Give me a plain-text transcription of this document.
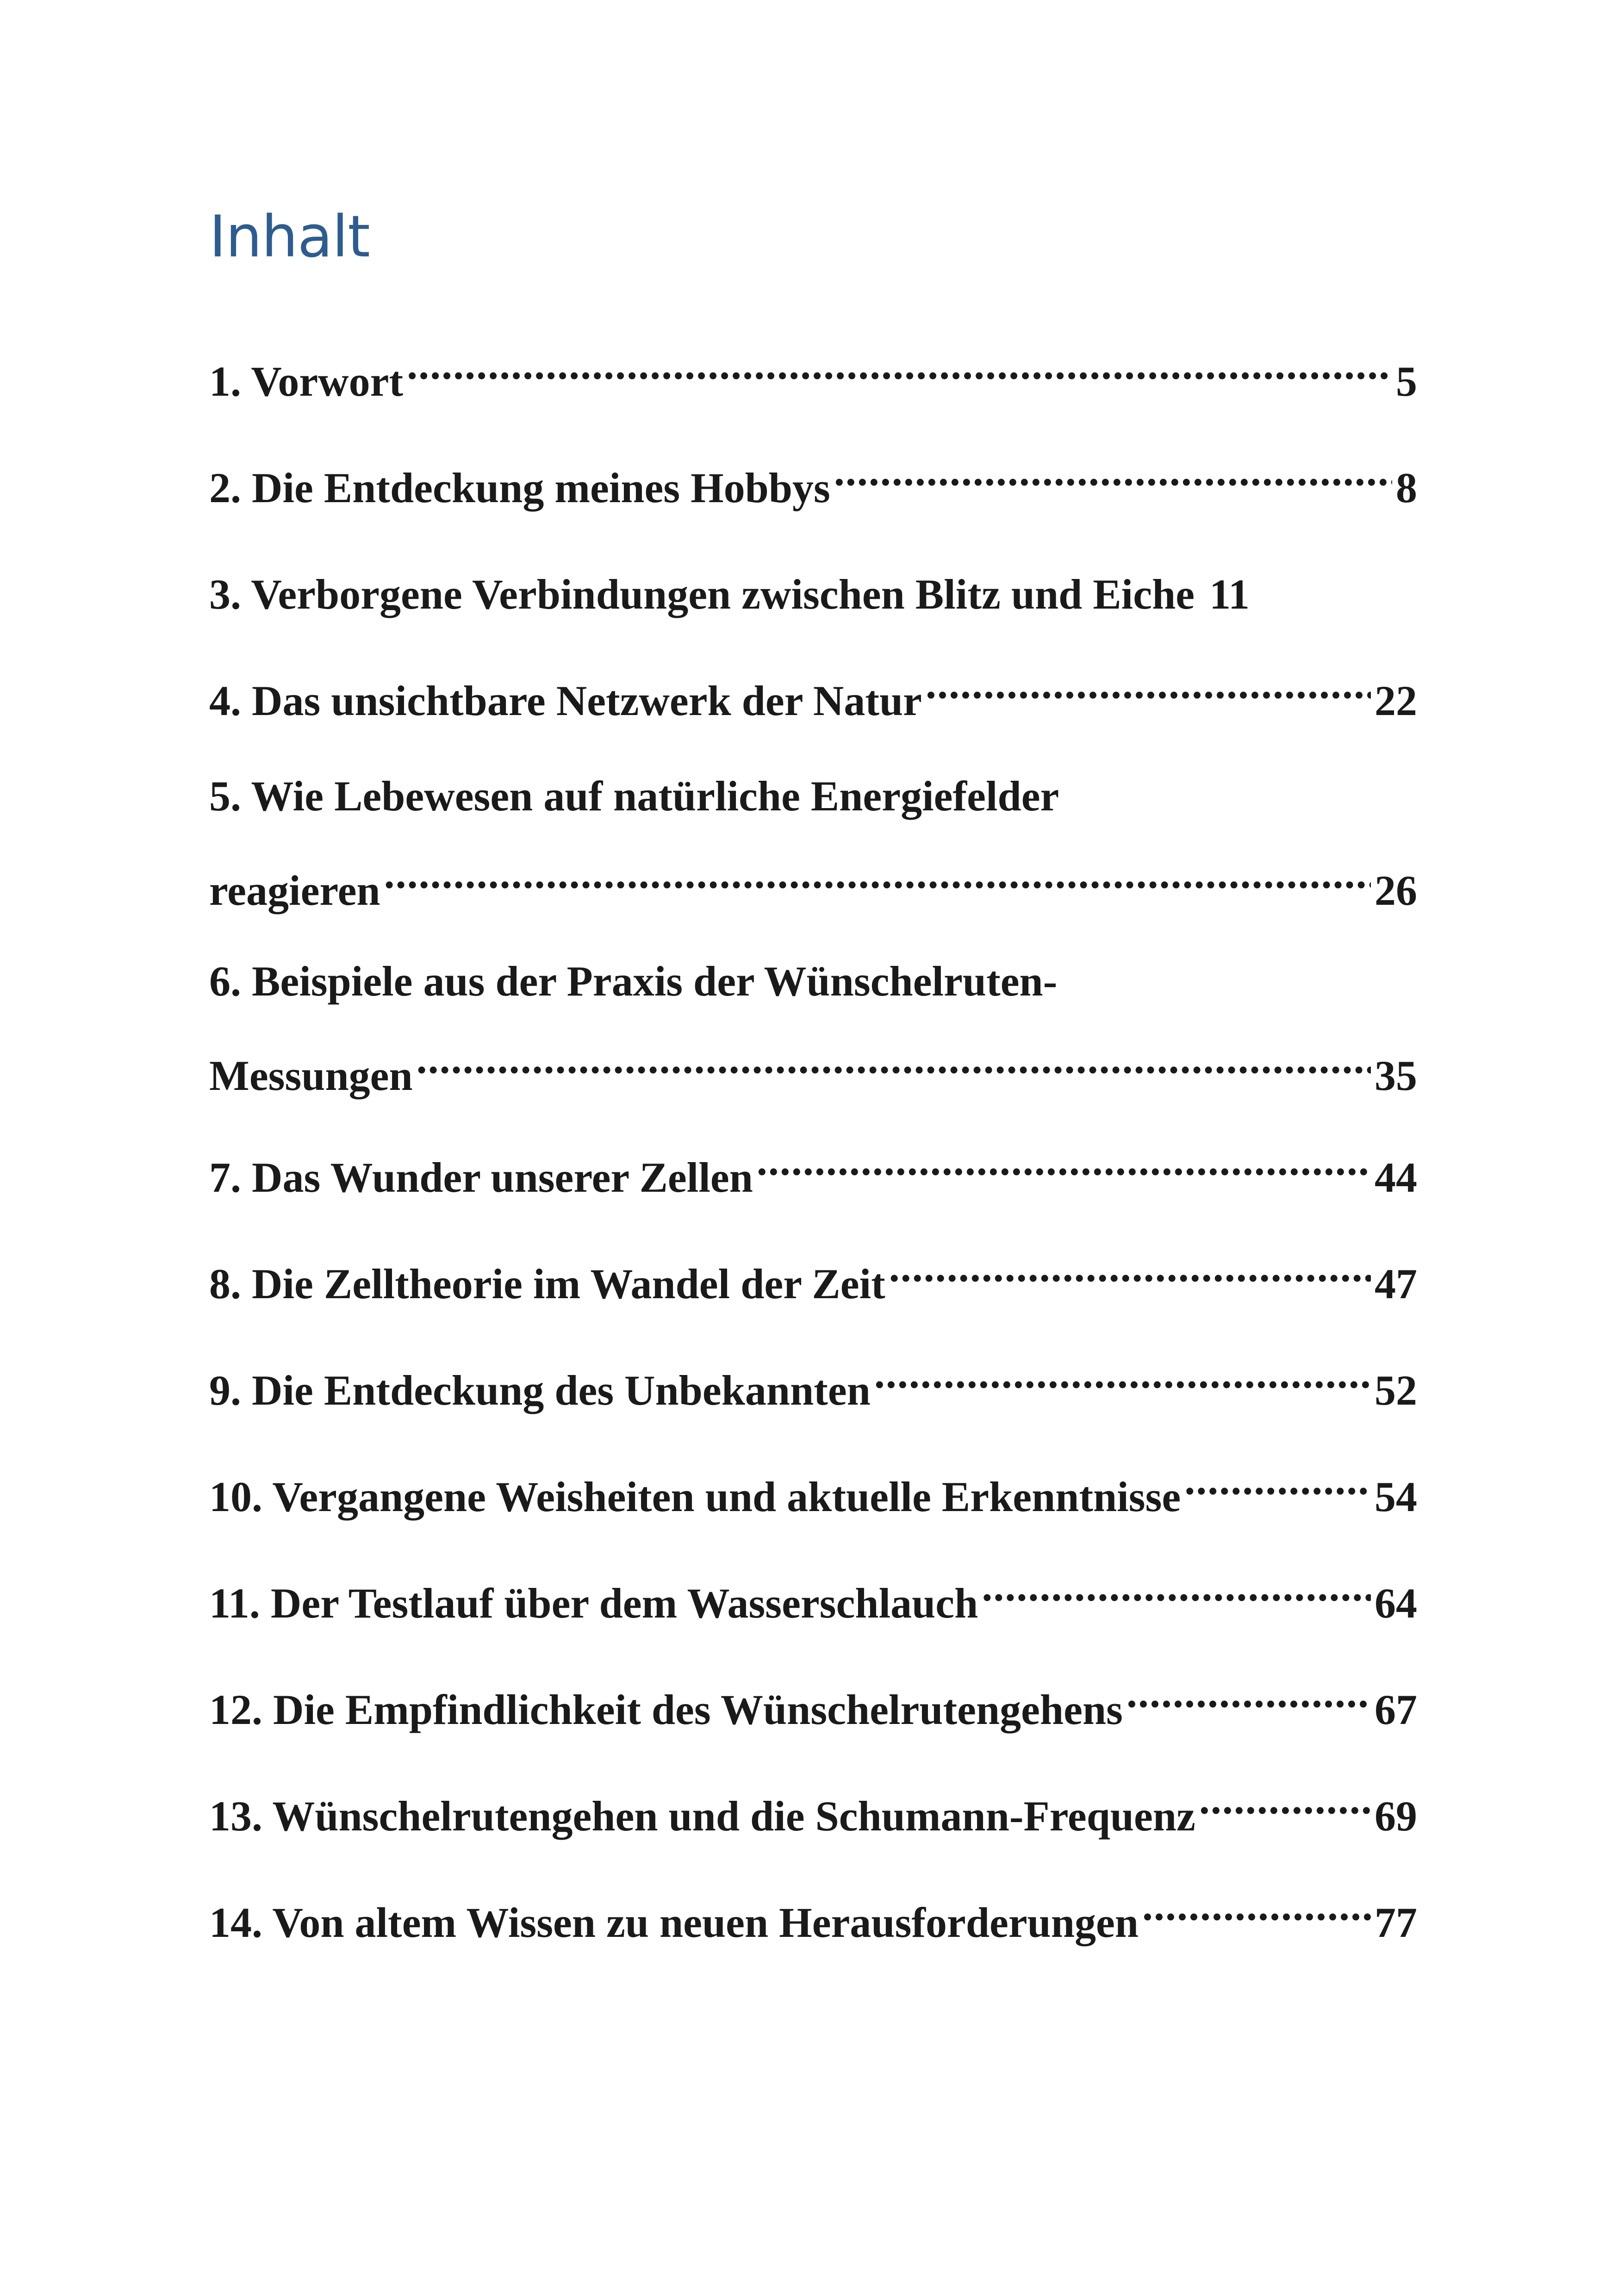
Inhalt
1. Vorwort .....	5
2. Die Entdeckung meines Hobbys .....	8
3. Verborgene Verbindungen zwischen Blitz und Eiche 11
4. Das unsichtbare Netzwerk der Natur .....	22
5. Wie Lebewesen auf natürliche Energiefelder
reagieren .....	26
6. Beispiele aus der Praxis der Wünschelruten-
Messungen .....	35
7. Das Wunder unserer Zellen .....	44
8. Die Zelltheorie im Wandel der Zeit .....	47
9. Die Entdeckung des Unbekannten .....	52
10. Vergangene Weisheiten und aktuelle Erkenntnisse .....	54
11. Der Testlauf über dem Wasserschlauch .....	64
12. Die Empfindlichkeit des Wünschelrutengehens .....	67
13. Wünschelrutengehen und die Schumann-Frequenz .....	69
14. Von altem Wissen zu neuen Herausforderungen .....	77
